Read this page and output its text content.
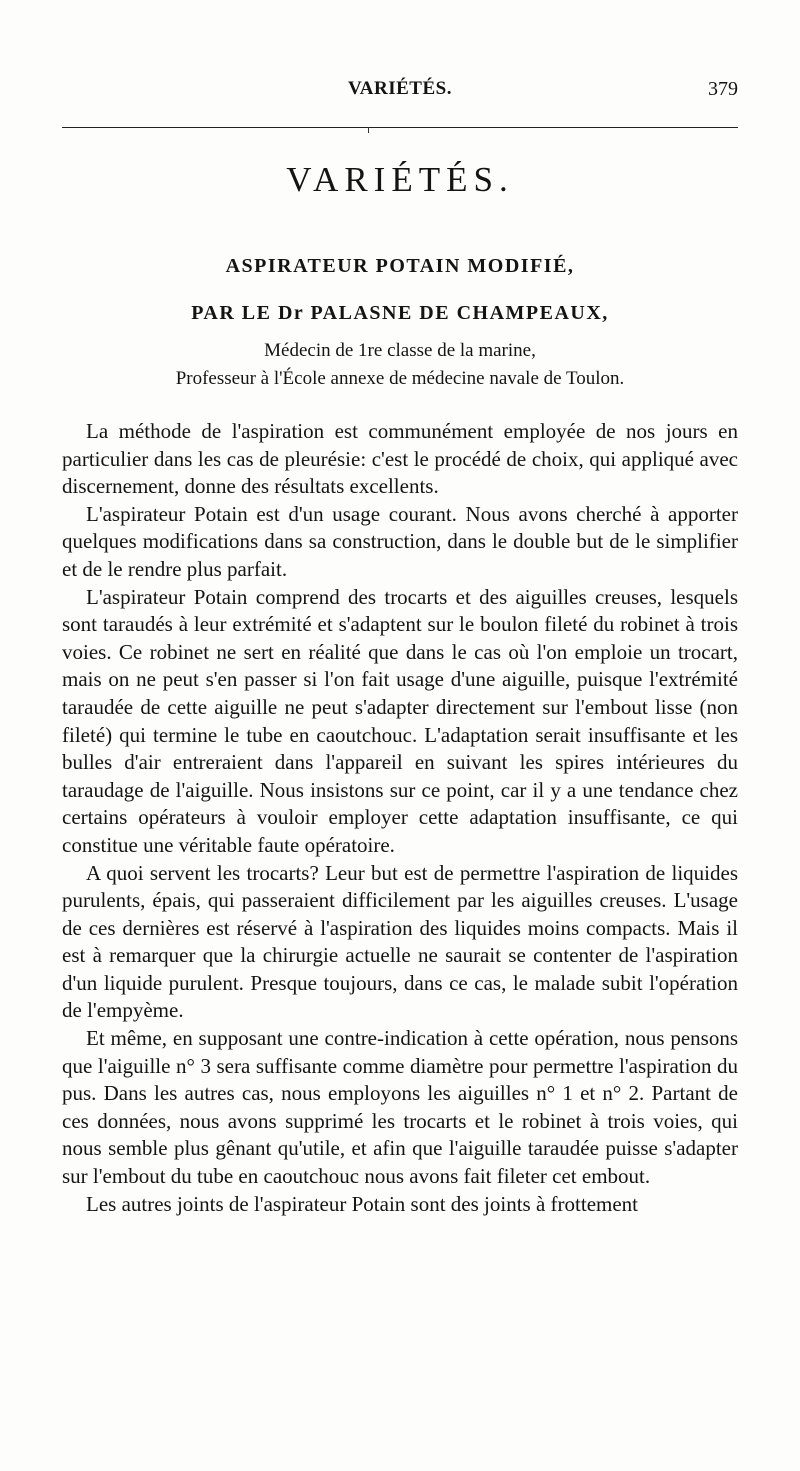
VARIÉTÉS.	379
VARIÉTÉS.
ASPIRATEUR POTAIN MODIFIÉ,
PAR LE Dr PALASNE DE CHAMPEAUX,
Médecin de 1re classe de la marine,
Professeur à l'École annexe de médecine navale de Toulon.

La méthode de l'aspiration est communément employée de nos jours en particulier dans les cas de pleurésie: c'est le procédé de choix, qui appliqué avec discernement, donne des résultats excellents.

L'aspirateur Potain est d'un usage courant. Nous avons cherché à apporter quelques modifications dans sa construction, dans le double but de le simplifier et de le rendre plus parfait.

L'aspirateur Potain comprend des trocarts et des aiguilles creuses, lesquels sont taraudés à leur extrémité et s'adaptent sur le boulon fileté du robinet à trois voies. Ce robinet ne sert en réalité que dans le cas où l'on emploie un trocart, mais on ne peut s'en passer si l'on fait usage d'une aiguille, puisque l'extrémité taraudée de cette aiguille ne peut s'adapter directement sur l'embout lisse (non fileté) qui termine le tube en caoutchouc. L'adaptation serait insuffisante et les bulles d'air entreraient dans l'appareil en suivant les spires intérieures du taraudage de l'aiguille. Nous insistons sur ce point, car il y a une tendance chez certains opérateurs à vouloir employer cette adaptation insuffisante, ce qui constitue une véritable faute opératoire.

A quoi servent les trocarts? Leur but est de permettre l'aspiration de liquides purulents, épais, qui passeraient difficilement par les aiguilles creuses. L'usage de ces dernières est réservé à l'aspiration des liquides moins compacts. Mais il est à remarquer que la chirurgie actuelle ne saurait se contenter de l'aspiration d'un liquide purulent. Presque toujours, dans ce cas, le malade subit l'opération de l'empyème.

Et même, en supposant une contre-indication à cette opération, nous pensons que l'aiguille n° 3 sera suffisante comme diamètre pour permettre l'aspiration du pus. Dans les autres cas, nous employons les aiguilles n° 1 et n° 2. Partant de ces données, nous avons supprimé les trocarts et le robinet à trois voies, qui nous semble plus gênant qu'utile, et afin que l'aiguille taraudée puisse s'adapter sur l'embout du tube en caoutchouc nous avons fait fileter cet embout.

Les autres joints de l'aspirateur Potain sont des joints à frottement
